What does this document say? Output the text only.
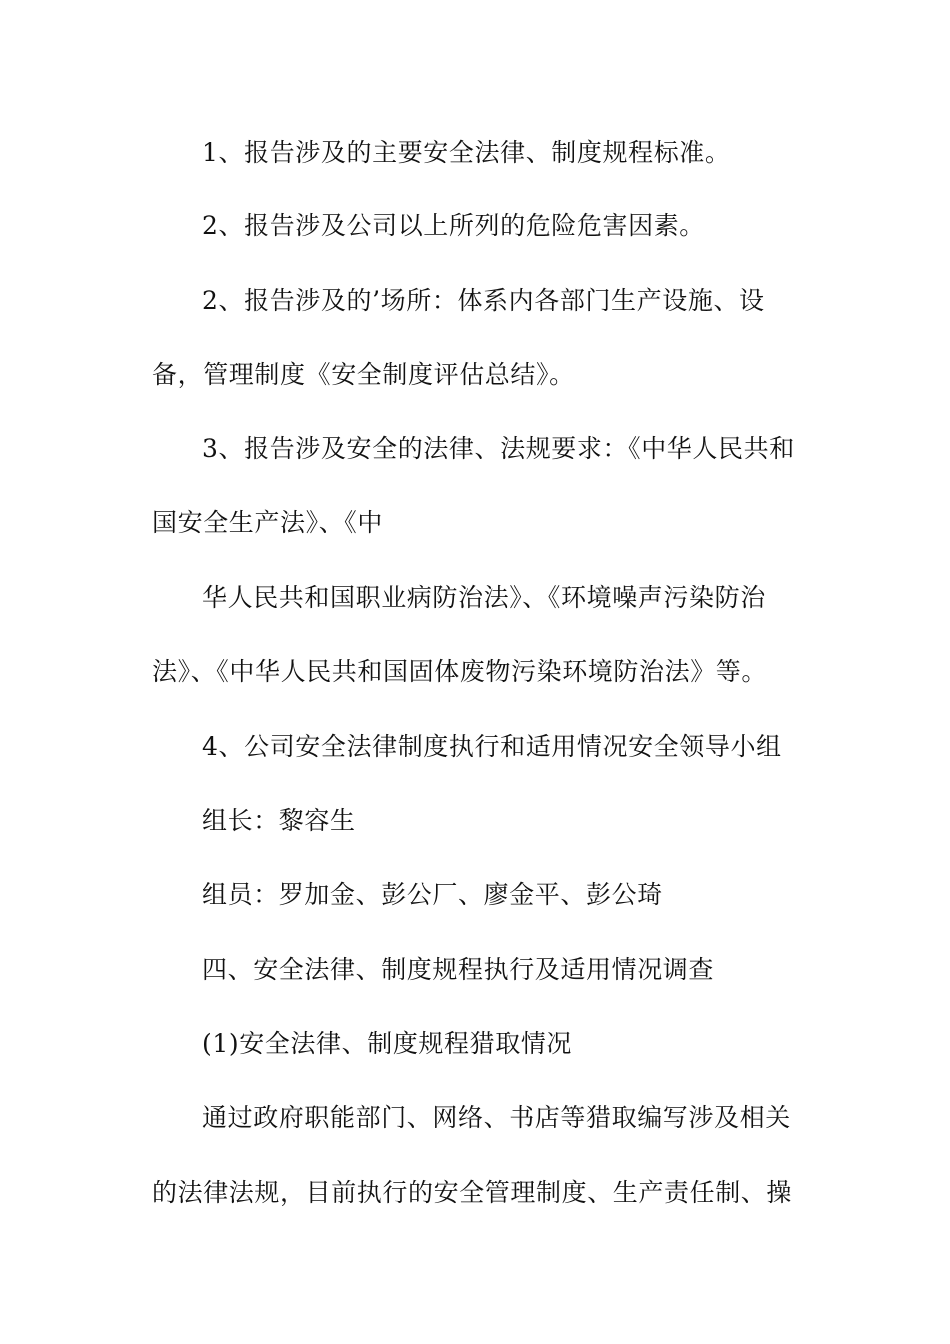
1、报告涉及的主要安全法律、制度规程标准。
2、报告涉及公司以上所列的危险危害因素。
2、报告涉及的’场所：体系内各部门生产设施、设
备，管理制度《安全制度评估总结》。
3、报告涉及安全的法律、法规要求：《中华人民共和
国安全生产法》、《中
华人民共和国职业病防治法》、《环境噪声污染防治
法》、《中华人民共和国固体废物污染环境防治法》等。
4、公司安全法律制度执行和适用情况安全领导小组
组长：黎容生
组员：罗加金、彭公厂、廖金平、彭公琦
四、安全法律、制度规程执行及适用情况调查
(1)安全法律、制度规程猎取情况
通过政府职能部门、网络、书店等猎取编写涉及相关
的法律法规，目前执行的安全管理制度、生产责任制、操
